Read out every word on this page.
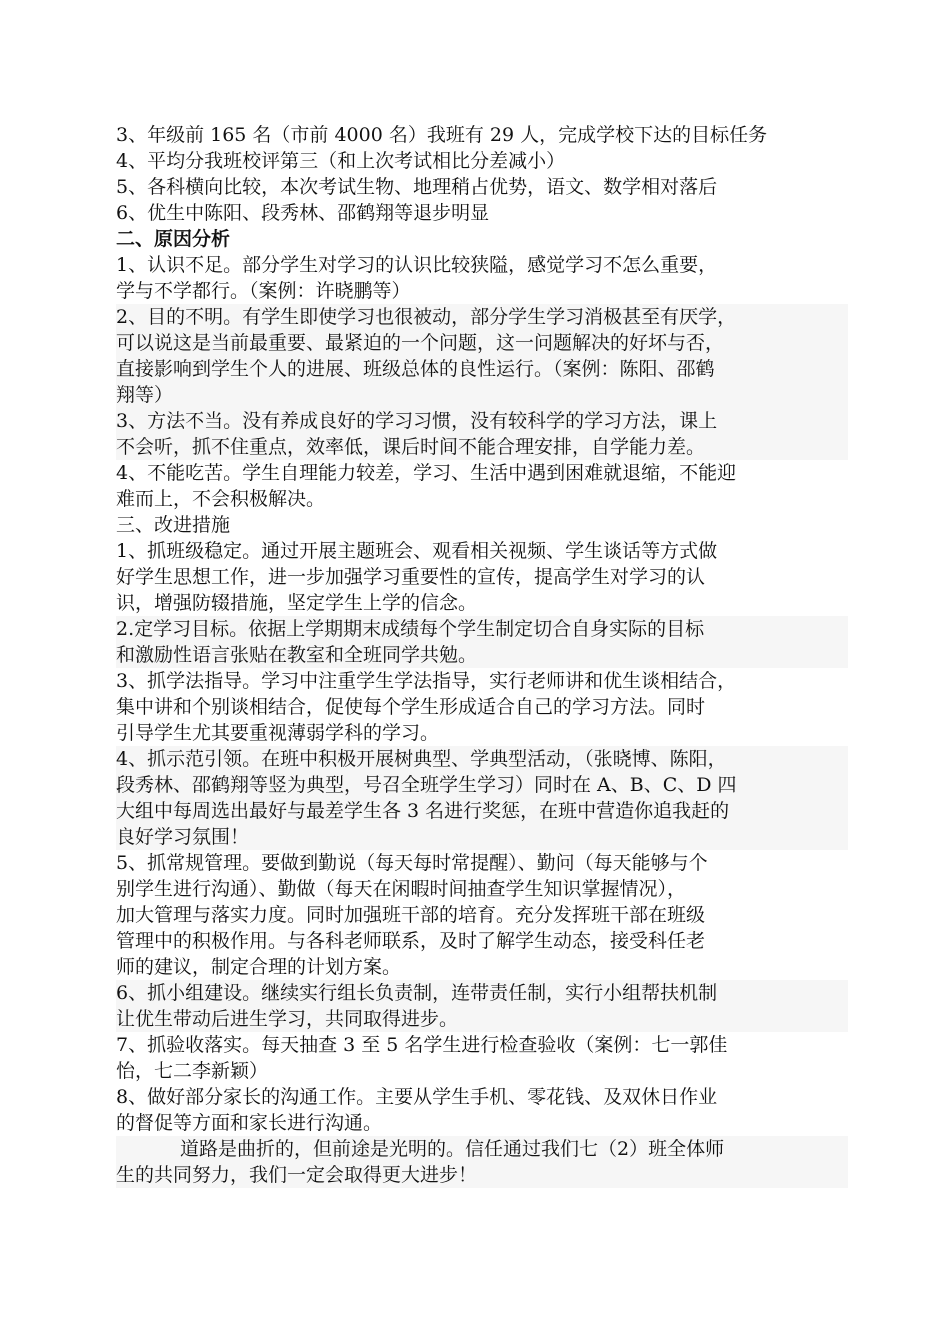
3、年级前 165 名（市前 4000 名）我班有 29 人，完成学校下达的目标任务

4、平均分我班校评第三（和上次考试相比分差减小）

5、各科横向比较，本次考试生物、地理稍占优势，语文、数学相对落后

6、优生中陈阳、段秀林、邵鹤翔等退步明显

二、原因分析

1、认识不足。部分学生对学习的认识比较狭隘，感觉学习不怎么重要，

学与不学都行。（案例：许晓鹏等）

2、目的不明。有学生即使学习也很被动，部分学生学习消极甚至有厌学，

可以说这是当前最重要、最紧迫的一个问题，这一问题解决的好坏与否，

直接影响到学生个人的进展、班级总体的良性运行。（案例：陈阳、邵鹤

翔等）

3、方法不当。没有养成良好的学习习惯，没有较科学的学习方法，课上

不会听，抓不住重点，效率低，课后时间不能合理安排，自学能力差。

4、不能吃苦。学生自理能力较差，学习、生活中遇到困难就退缩，不能迎

难而上，不会积极解决。

三、改进措施

1、抓班级稳定。通过开展主题班会、观看相关视频、学生谈话等方式做

好学生思想工作，进一步加强学习重要性的宣传，提高学生对学习的认

识，增强防辍措施，坚定学生上学的信念。

2.定学习目标。依据上学期期末成绩每个学生制定切合自身实际的目标

和激励性语言张贴在教室和全班同学共勉。

3、抓学法指导。学习中注重学生学法指导，实行老师讲和优生谈相结合，

集中讲和个别谈相结合，促使每个学生形成适合自己的学习方法。同时

引导学生尤其要重视薄弱学科的学习。

4、抓示范引领。在班中积极开展树典型、学典型活动，（张晓博、陈阳，

段秀林、邵鹤翔等竖为典型，号召全班学生学习）同时在 A、B、C、D 四

大组中每周选出最好与最差学生各 3 名进行奖惩，在班中营造你追我赶的

良好学习氛围！

5、抓常规管理。要做到勤说（每天每时常提醒）、勤问（每天能够与个

别学生进行沟通）、勤做（每天在闲暇时间抽查学生知识掌握情况），

加大管理与落实力度。同时加强班干部的培育。充分发挥班干部在班级

管理中的积极作用。与各科老师联系，及时了解学生动态，接受科任老

师的建议，制定合理的计划方案。

6、抓小组建设。继续实行组长负责制，连带责任制，实行小组帮扶机制

让优生带动后进生学习，共同取得进步。

7、抓验收落实。每天抽查 3 至 5 名学生进行检查验收（案例：七一郭佳

怡，七二李新颖）

8、做好部分家长的沟通工作。主要从学生手机、零花钱、及双休日作业

的督促等方面和家长进行沟通。

道路是曲折的，但前途是光明的。信任通过我们七（2）班全体师

生的共同努力，我们一定会取得更大进步！
